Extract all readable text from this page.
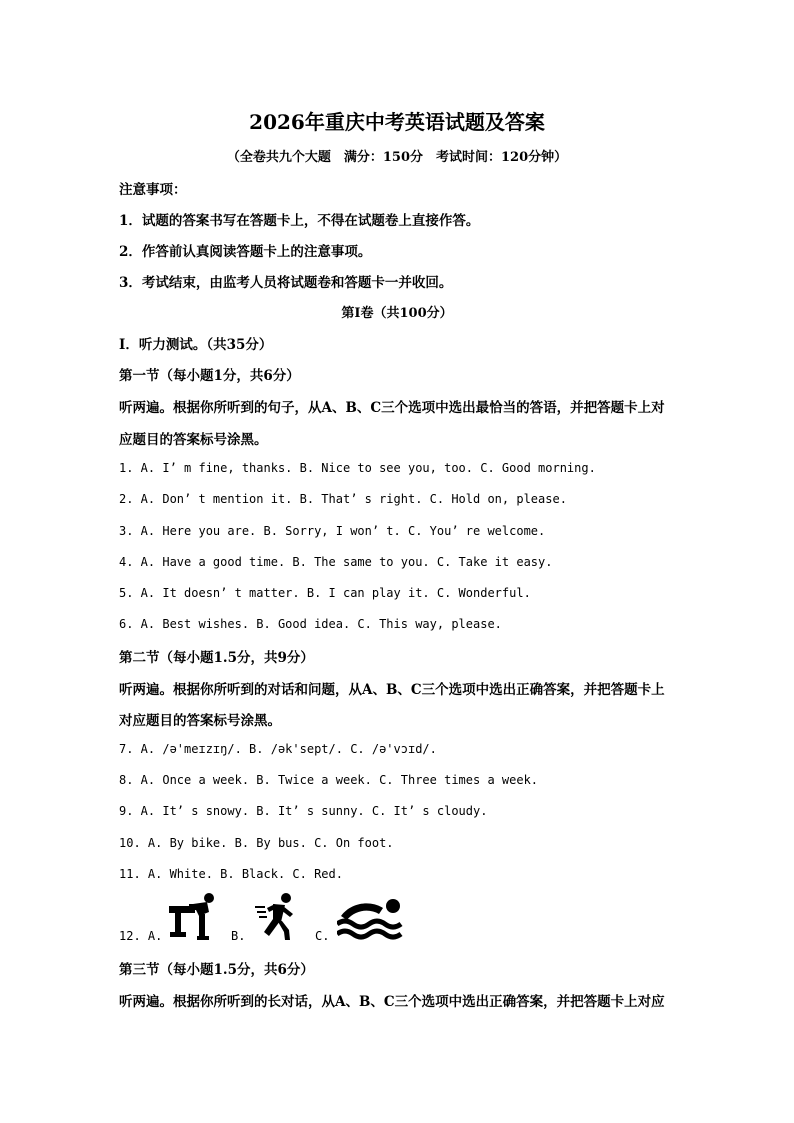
2026年重庆中考英语试题及答案
（全卷共九个大题　满分：150分　考试时间：120分钟）
注意事项：
1．试题的答案书写在答题卡上，不得在试题卷上直接作答。
2．作答前认真阅读答题卡上的注意事项。
3．考试结束，由监考人员将试题卷和答题卡一并收回。
第Ⅰ卷（共100分）
Ⅰ．听力测试。（共35分）
第一节（每小题1分，共6分）
听两遍。根据你所听到的句子，从A、B、C三个选项中选出最恰当的答语，并把答题卡上对
应题目的答案标号涂黑。
1. A. I’ m fine, thanks. B. Nice to see you, too. C. Good morning.
2. A. Don’ t mention it. B. That’ s right. C. Hold on, please.
3. A. Here you are. B. Sorry, I won’ t. C. You’ re welcome.
4. A. Have a good time. B. The same to you. C. Take it easy.
5. A. It doesn’ t matter. B. I can play it. C. Wonderful.
6. A. Best wishes. B. Good idea. C. This way, please.
第二节（每小题1.5分，共9分）
听两遍。根据你所听到的对话和问题，从A、B、C三个选项中选出正确答案，并把答题卡上
对应题目的答案标号涂黑。
7. A. /ə'meɪzɪŋ/. B. /ək'sept/. C. /ə'vɔɪd/.
8. A. Once a week. B. Twice a week. C. Three times a week.
9. A. It’ s snowy. B. It’ s sunny. C. It’ s cloudy.
10. A. By bike. B. By bus. C. On foot.
11. A. White. B. Black. C. Red.
12. A.	B.	C.
第三节（每小题1.5分，共6分）
听两遍。根据你所听到的长对话，从A、B、C三个选项中选出正确答案，并把答题卡上对应
